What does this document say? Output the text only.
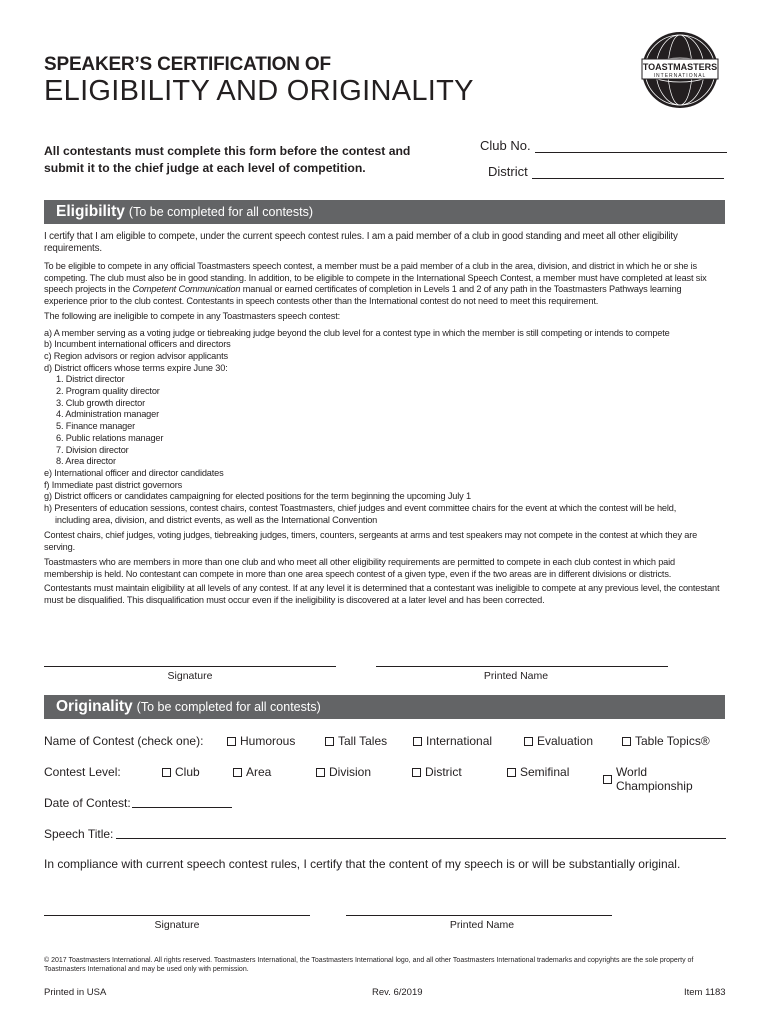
SPEAKER’S CERTIFICATION OF
ELIGIBILITY AND ORIGINALITY
TOASTMASTERS
INTERNATIONAL
All contestants must complete this form before the contest and submit it to the chief judge at each level of competition.
Club No.
District
Eligibility (To be completed for all contests)

I certify that I am eligible to compete, under the current speech contest rules. I am a paid member of a club in good standing and meet all other eligibility requirements.

To be eligible to compete in any official Toastmasters speech contest, a member must be a paid member of a club in the area, division, and district in which he or she is competing. The club must also be in good standing. In addition, to be eligible to compete in the International Speech Contest, a member must have completed at least six speech projects in the Competent Communication manual or earned certificates of completion in Levels 1 and 2 of any path in the Toastmasters Pathways learning experience prior to the club contest. Contestants in speech contests other than the International contest do not need to meet this requirement.

The following are ineligible to compete in any Toastmasters speech contest:

a) A member serving as a voting judge or tiebreaking judge beyond the club level for a contest type in which the member is still competing or intends to compete
b) Incumbent international officers and directors
c) Region advisors or region advisor applicants
d) District officers whose terms expire June 30:
1. District director
2. Program quality director
3. Club growth director
4. Administration manager
5. Finance manager
6. Public relations manager
7. Division director
8. Area director
e) International officer and director candidates
f) Immediate past district governors
g) District officers or candidates campaigning for elected positions for the term beginning the upcoming July 1
h) Presenters of education sessions, contest chairs, contest Toastmasters, chief judges and event committee chairs for the event at which the contest will be held,
including area, division, and district events, as well as the International Convention

Contest chairs, chief judges, voting judges, tiebreaking judges, timers, counters, sergeants at arms and test speakers may not compete in the contest at which they are serving.

Toastmasters who are members in more than one club and who meet all other eligibility requirements are permitted to compete in each club contest in which paid membership is held. No contestant can compete in more than one area speech contest of a given type, even if the two areas are in different divisions or districts.

Contestants must maintain eligibility at all levels of any contest. If at any level it is determined that a contestant was ineligible to compete at any previous level, the contestant must be disqualified. This disqualification must occur even if the ineligibility is discovered at a later level and has been corrected.

Signature	Printed Name
Originality (To be completed for all contests)
Name of Contest (check one):	Humorous	Tall Tales	International	Evaluation	Table Topics®
Contest Level:	Club	Area	Division	District	Semifinal	World Championship
Date of Contest:
Speech Title:
In compliance with current speech contest rules, I certify that the content of my speech is or will be substantially original.
Signature	Printed Name
© 2017 Toastmasters International. All rights reserved. Toastmasters International, the Toastmasters International logo, and all other Toastmasters International trademarks and copyrights are the sole property of Toastmasters International and may be used only with permission.
Printed in USA	Rev. 6/2019	Item 1183
